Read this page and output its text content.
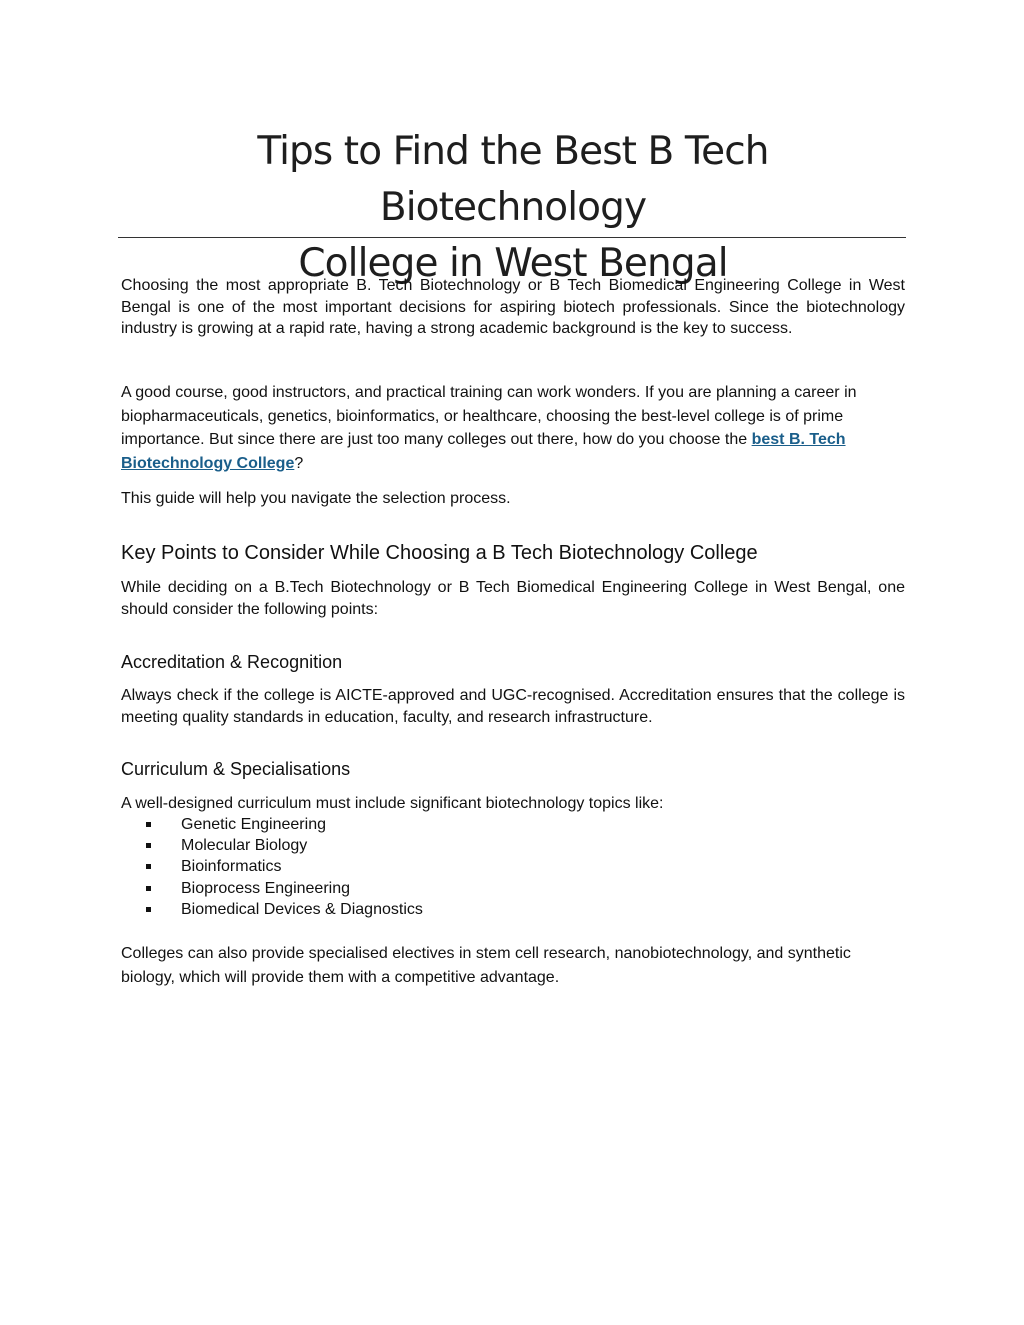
Tips to Find the Best B Tech Biotechnology
College in West Bengal

Choosing the most appropriate B. Tech Biotechnology or B Tech Biomedical Engineering College in West Bengal is one of the most important decisions for aspiring biotech professionals. Since the biotechnology industry is growing at a rapid rate, having a strong academic background is the key to success.

A good course, good instructors, and practical training can work wonders. If you are planning a career in biopharmaceuticals, genetics, bioinformatics, or healthcare, choosing the best-level college is of prime importance. But since there are just too many colleges out there, how do you choose the best B. Tech Biotechnology College?

This guide will help you navigate the selection process.

Key Points to Consider While Choosing a B Tech Biotechnology College

While deciding on a B.Tech Biotechnology or B Tech Biomedical Engineering College in West Bengal, one should consider the following points:

Accreditation & Recognition

Always check if the college is AICTE-approved and UGC-recognised. Accreditation ensures that the college is meeting quality standards in education, faculty, and research infrastructure.

Curriculum & Specialisations

A well-designed curriculum must include significant biotechnology topics like:

Genetic Engineering
Molecular Biology
Bioinformatics
Bioprocess Engineering
Biomedical Devices & Diagnostics

Colleges can also provide specialised electives in stem cell research, nanobiotechnology, and synthetic biology, which will provide them with a competitive advantage.
